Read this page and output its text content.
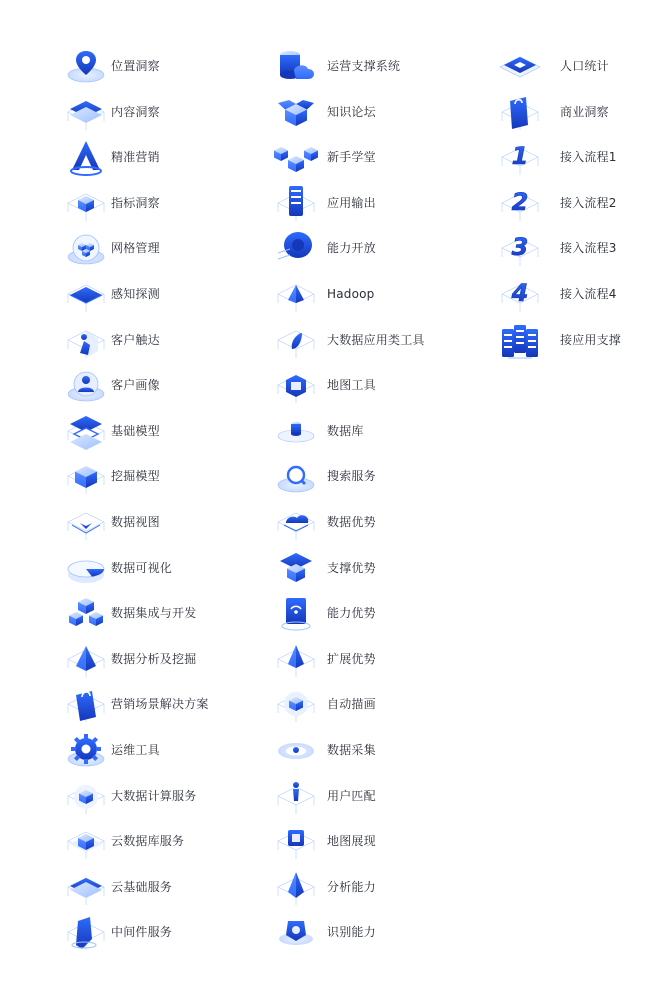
位置洞察
内容洞察
精准营销
指标洞察
网格管理
感知探测
客户触达
客户画像
基础模型
挖掘模型
数据视图
数据可视化
数据集成与开发
数据分析及挖掘
营销场景解决方案
运维工具
大数据计算服务
云数据库服务
云基础服务
中间件服务
运营支撑系统
知识论坛
新手学堂
应用输出
能力开放
Hadoop
大数据应用类工具
地图工具
数据库
搜索服务
数据优势
支撑优势
能力优势
扩展优势
自动描画
数据采集
用户匹配
地图展现
分析能力
识别能力
人口统计
商业洞察
1	接入流程1
2	接入流程2
3	接入流程3
4	接入流程4
接应用支撑
